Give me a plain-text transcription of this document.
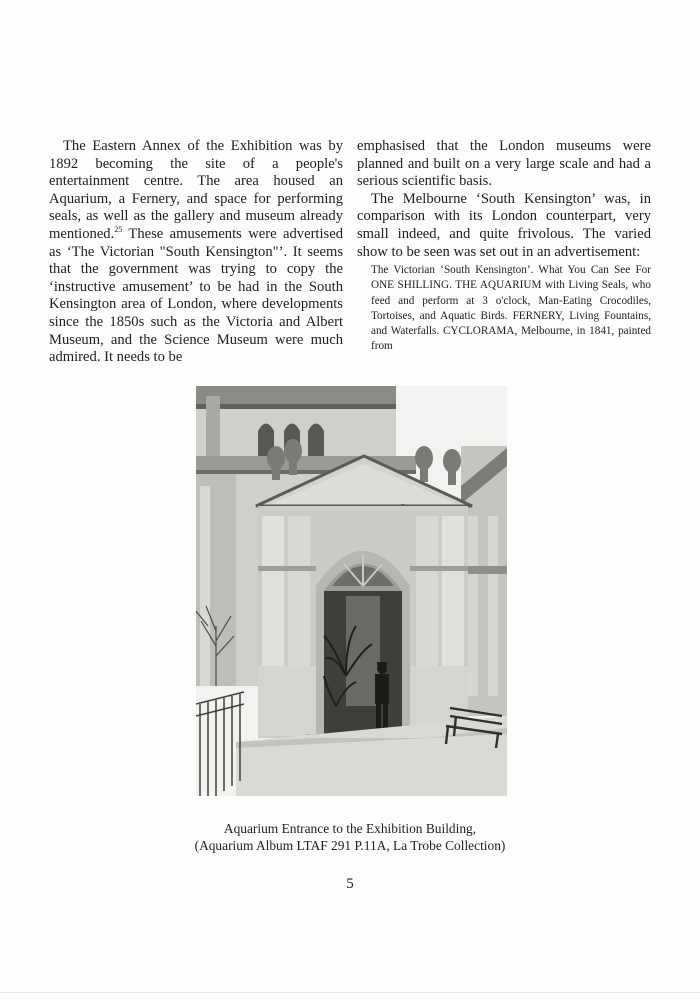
The Eastern Annex of the Exhibition was by 1892 becoming the site of a people's entertainment centre. The area housed an Aquarium, a Fernery, and space for performing seals, as well as the gallery and museum already mentioned.$^{25}$ These amusements were advertised as ‘The Victorian "South Kensington"’. It seems that the government was trying to copy the ‘instructive amusement’ to be had in the South Kensington area of London, where developments since the 1850s such as the Victoria and Albert Museum, and the Science Museum were much admired. It needs to be

emphasised that the London museums were planned and built on a very large scale and had a serious scientific basis.

The Melbourne ‘South Kensington’ was, in comparison with its London counterpart, very small indeed, and quite frivolous. The varied show to be seen was set out in an advertisement:

The Victorian ‘South Kensington’. What You Can See For ONE SHILLING. THE AQUARIUM with Living Seals, who feed and perform at 3 o'clock, Man-Eating Crocodiles, Tortoises, and Aquatic Birds. FERNERY, Living Fountains, and Waterfalls. CYCLORAMA, Melbourne, in 1841, painted from

Aquarium Entrance to the Exhibition Building,
(Aquarium Album LTAF 291 P.11A, La Trobe Collection)
5
